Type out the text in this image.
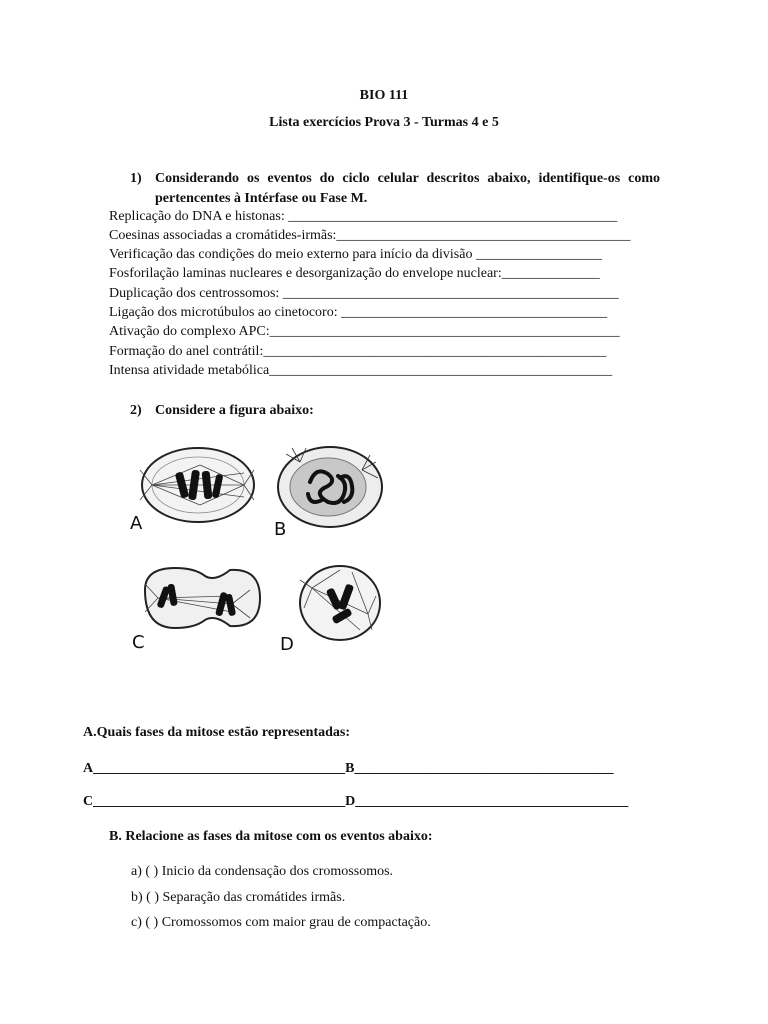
BIO 111
Lista exercícios Prova 3 - Turmas 4 e 5
1) Considerando os eventos do ciclo celular descritos abaixo, identifique-os como pertencentes à Intérfase ou Fase M.
Replicação do DNA e histonas: _______________________________________________
Coesinas associadas a cromátides-irmãs:__________________________________________
Verificação das condições do meio externo para início da divisão __________________
Fosforilação laminas nucleares e desorganização do envelope nuclear:______________
Duplicação dos centrossomos: ________________________________________________
Ligação dos microtúbulos ao cinetocoro: ______________________________________
Ativação do complexo APC:__________________________________________________
Formação do anel contrátil:_________________________________________________
Intensa atividade metabólica_________________________________________________
2) Considere a figura abaixo:
A	B
C	D
A.Quais fases da mitose estão representadas:
A____________________________________B_____________________________________
C____________________________________D_______________________________________
B. Relacione as fases da mitose com os eventos abaixo:
a) ( ) Inicio da condensação dos cromossomos.
b) ( ) Separação das cromátides irmãs.
c) ( ) Cromossomos com maior grau de compactação.
